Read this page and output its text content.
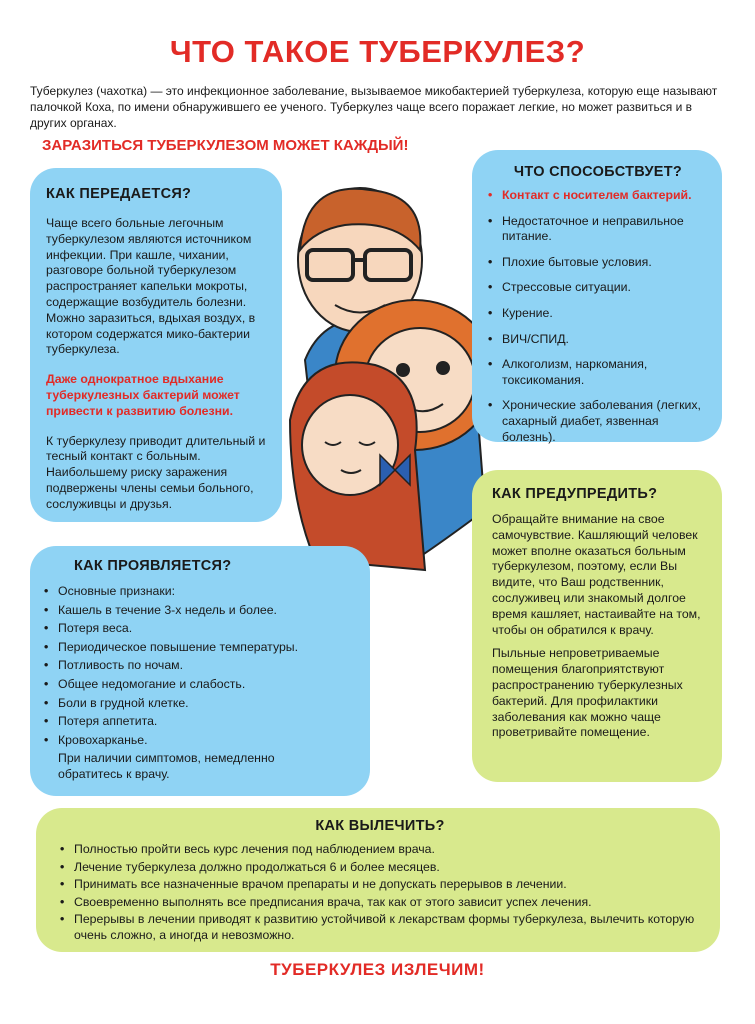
ЧТО ТАКОЕ ТУБЕРКУЛЕЗ?
Туберкулез (чахотка) — это инфекционное заболевание, вызываемое микобактерией туберкулеза, которую еще называют палочкой Коха, по имени обнаружившего ее ученого. Туберкулез чаще всего поражает легкие, но может развиться и в других органах.
ЗАРАЗИТЬСЯ ТУБЕРКУЛЕЗОМ МОЖЕТ КАЖДЫЙ!
КАК ПЕРЕДАЕТСЯ?

Чаще всего больные легочным туберкулезом являются источником инфекции. При кашле, чихании, разговоре больной туберкулезом распространяет капельки мокроты, содержащие возбудитель болезни. Можно заразиться, вдыхая воздух, в котором содержатся мико-бактерии туберкулеза.

Даже однократное вдыхание туберкулезных бактерий может привести к развитию болезни.

К туберкулезу приводит длительный и тесный контакт с больным. Наибольшему риску заражения подвержены члены семьи больного, сослуживцы и друзья.

ЧТО СПОСОБСТВУЕТ?
• Контакт с носителем бактерий.
• Недостаточное и неправильное питание.
• Плохие бытовые условия.
• Стрессовые ситуации.
• Курение.
• ВИЧ/СПИД.
• Алкоголизм, наркомания, токсикомания.
• Хронические заболевания (легких, сахарный диабет, язвенная болезнь).
КАК ПРЕДУПРЕДИТЬ?

Обращайте внимание на свое самочувствие. Кашляющий человек может вполне оказаться больным туберкулезом, поэтому, если Вы видите, что Ваш родственник, сослуживец или знакомый долгое время кашляет, настаивайте на том, чтобы он обратился к врачу.

Пыльные непроветриваемые помещения благоприятствуют распространению туберкулезных бактерий. Для профилактики заболевания как можно чаще проветривайте помещение.

КАК ПРОЯВЛЯЕТСЯ?
• Основные признаки:
• Кашель в течение 3-х недель и более.
• Потеря веса.
• Периодическое повышение температуры.
• Потливость по ночам.
• Общее недомогание и слабость.
• Боли в грудной клетке.
• Потеря аппетита.
• Кровохарканье.

При наличии симптомов, немедленно обратитесь к врачу.

КАК ВЫЛЕЧИТЬ?
• Полностью пройти весь курс лечения под наблюдением врача.
• Лечение туберкулеза должно продолжаться 6 и более месяцев.
• Принимать все назначенные врачом препараты и не допускать перерывов в лечении.
• Своевременно выполнять все предписания врача, так как от этого зависит успех лечения.
• Перерывы в лечении приводят к развитию устойчивой к лекарствам формы туберкулеза, вылечить которую очень сложно, а иногда и невозможно.
ТУБЕРКУЛЕЗ ИЗЛЕЧИМ!
